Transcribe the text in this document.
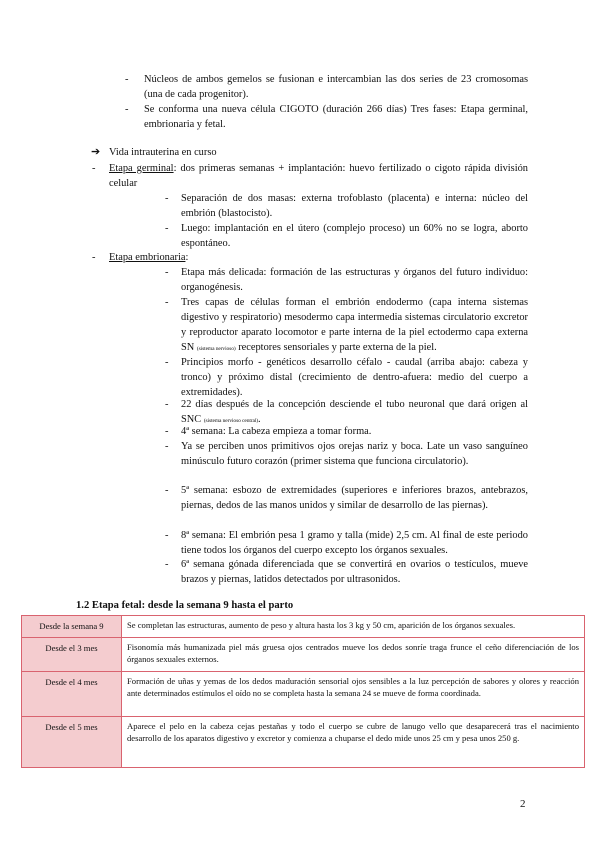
- Núcleos de ambos gemelos se fusionan e intercambian las dos series de 23 cromosomas (una de cada progenitor).
- Se conforma una nueva célula CIGOTO (duración 266 días) Tres fases: Etapa germinal, embrionaria y fetal.
➔ Vida intrauterina en curso
- Etapa germinal: dos primeras semanas + implantación: huevo fertilizado o cigoto rápida división celular
- Separación de dos masas: externa trofoblasto (placenta) e interna: núcleo del embrión (blastocisto).
- Luego: implantación en el útero (complejo proceso) un 60% no se logra, aborto espontáneo.
- Etapa embrionaria:
- Etapa más delicada: formación de las estructuras y órganos del futuro individuo: organogénesis.
- Tres capas de células forman el embrión endodermo (capa interna sistemas digestivo y respiratorio) mesodermo capa intermedia sistemas circulatorio excretor y reproductor aparato locomotor e parte interna de la piel ectodermo capa externa SN (sistema nervioso) receptores sensoriales y parte externa de la piel.
- Principios morfo - genéticos desarrollo céfalo - caudal (arriba abajo: cabeza y tronco) y próximo distal (crecimiento de dentro-afuera: medio del cuerpo a extremidades).
- 22 días después de la concepción desciende el tubo neuronal que dará origen al SNC (sistema nervioso central).
- 4ª semana: La cabeza empieza a tomar forma.
- Ya se perciben unos primitivos ojos orejas nariz y boca. Late un vaso sanguíneo minúsculo futuro corazón (primer sistema que funciona circulatorio).
- 5ª semana: esbozo de extremidades (superiores e inferiores brazos, antebrazos, piernas, dedos de las manos unidos y similar de desarrollo de las piernas).
- 8ª semana: El embrión pesa 1 gramo y talla (mide) 2,5 cm. Al final de este periodo tiene todos los órganos del cuerpo excepto los órganos sexuales.
- 6ª semana gónada diferenciada que se convertirá en ovarios o testículos, mueve brazos y piernas, latidos detectados por ultrasonidos.
1.2 Etapa fetal: desde la semana 9 hasta el parto
Desde la semana 9	Se completan las estructuras, aumento de peso y altura hasta los 3 kg y 50 cm, aparición de los órganos sexuales.
Desde el 3 mes	Fisonomía más humanizada piel más gruesa ojos centrados mueve los dedos sonríe traga frunce el ceño diferenciación de los órganos sexuales externos.
Desde el 4 mes	Formación de uñas y yemas de los dedos maduración sensorial ojos sensibles a la luz percepción de sabores y olores y reacción ante determinados estímulos el oído no se completa hasta la semana 24 se mueve de forma coordinada.
Desde el 5 mes	Aparece el pelo en la cabeza cejas pestañas y todo el cuerpo se cubre de lanugo vello que desaparecerá tras el nacimiento desarrollo de los aparatos digestivo y excretor y comienza a chuparse el dedo mide unos 25 cm y pesa unos 250 g.
2
